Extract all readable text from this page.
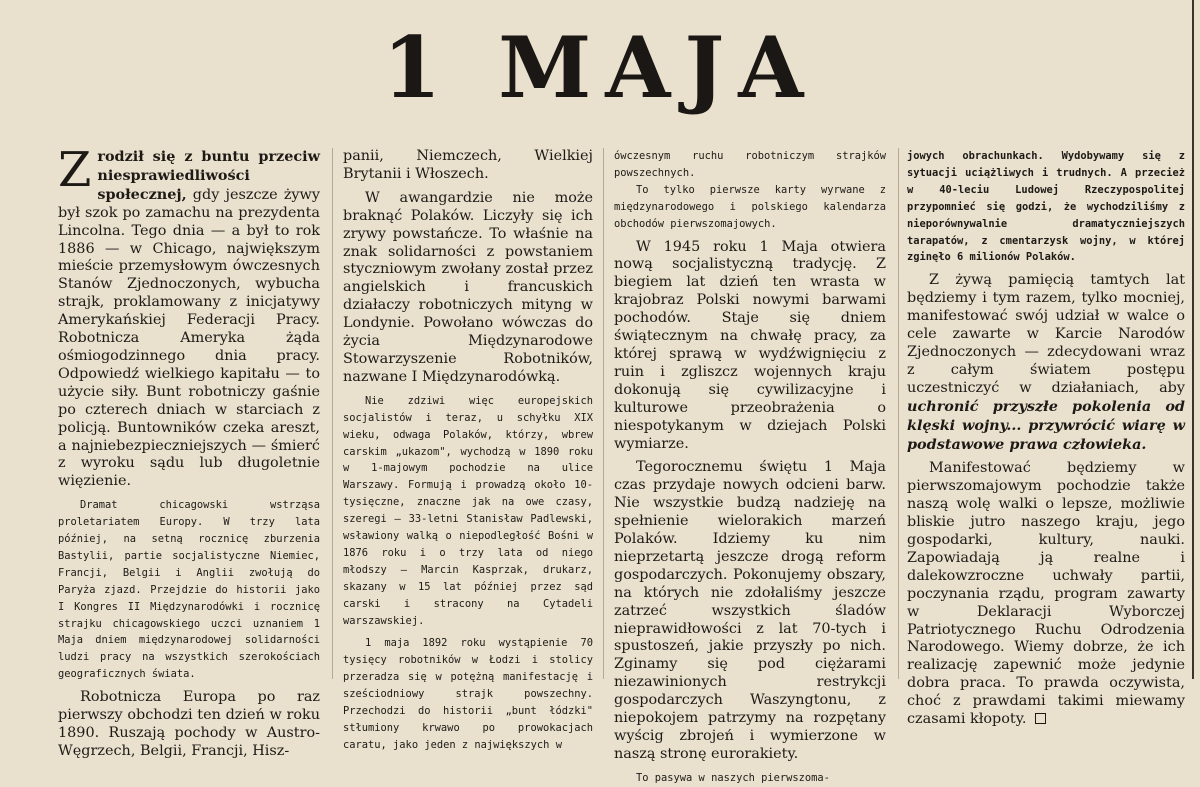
1 MAJA
Z rodził się z buntu przeciw niesprawiedliwości społecznej, gdy jeszcze żywy był szok po zamachu na prezydenta Lincolna. Tego dnia — a był to rok 1886 — w Chicago, największym mieście przemysłowym ówczesnych Stanów Zjednoczonych, wybucha strajk, proklamowany z inicjatywy Amerykańskiej Federacji Pracy. Robotnicza Ameryka żąda ośmiogodzinnego dnia pracy. Odpowiedź wielkiego kapitału — to użycie siły. Bunt robotniczy gaśnie po czterech dniach w starciach z policją. Buntowników czeka areszt, a najniebezpieczniejszych — śmierć z wyroku sądu lub długoletnie więzienie.
Dramat chicagowski wstrząsa proletariatem Europy. W trzy lata później, na setną rocznicę zburzenia Bastylii, partie socjalistyczne Niemiec, Francji, Belgii i Anglii zwołują do Paryża zjazd. Przejdzie do historii jako I Kongres II Międzynarodówki i rocznicę strajku chicagowskiego uczci uznaniem 1 Maja dniem międzynarodowej solidarności ludzi pracy na wszystkich szerokościach geograficznych świata.
Robotnicza Europa po raz pierwszy obchodzi ten dzień w roku 1890. Ruszają pochody w Austro-Węgrzech, Belgii, Francji, Hisz-
panii, Niemczech, Wielkiej Brytanii i Włoszech.
W awangardzie nie może braknąć Polaków. Liczyły się ich zrywy powstańcze. To właśnie na znak solidarności z powstaniem styczniowym zwołany został przez angielskich i francuskich działaczy robotniczych mityng w Londynie. Powołano wówczas do życia Międzynarodowe Stowarzyszenie Robotników, nazwane I Międzynarodówką.
Nie zdziwi więc europejskich socjalistów i teraz, u schyłku XIX wieku, odwaga Polaków, którzy, wbrew carskim „ukazom", wychodzą w 1890 roku w 1-majowym pochodzie na ulice Warszawy. Formują i prowadzą około 10-tysięczne, znaczne jak na owe czasy, szeregi — 33-letni Stanisław Padlewski, wsławiony walką o niepodległość Bośni w 1876 roku i o trzy lata od niego młodszy — Marcin Kasprzak, drukarz, skazany w 15 lat później przez sąd carski i stracony na Cytadeli warszawskiej.
1 maja 1892 roku wystąpienie 70 tysięcy robotników w Łodzi i stolicy przeradza się w potężną manifestację i sześciodniowy strajk powszechny. Przechodzi do historii „bunt łódzki" stłumiony krwawo po prowokacjach caratu, jako jeden z największych w
ówczesnym ruchu robotniczym strajków powszechnych.
To tylko pierwsze karty wyrwane z międzynarodowego i polskiego kalendarza obchodów pierwszomajowych.
W 1945 roku 1 Maja otwiera nową socjalistyczną tradycję. Z biegiem lat dzień ten wrasta w krajobraz Polski nowymi barwami pochodów. Staje się dniem świątecznym na chwałę pracy, za której sprawą w wydźwignięciu z ruin i zgliszcz wojennych kraju dokonują się cywilizacyjne i kulturowe przeobrażenia o niespotykanym w dziejach Polski wymiarze.
Tegorocznemu świętu 1 Maja czas przydaje nowych odcieni barw. Nie wszystkie budzą nadzieję na spełnienie wielorakich marzeń Polaków. Idziemy ku nim nieprzetartą jeszcze drogą reform gospodarczych. Pokonujemy obszary, na których nie zdołaliśmy jeszcze zatrzeć wszystkich śladów nieprawidłowości z lat 70-tych i spustoszeń, jakie przyszły po nich. Zginamy się pod ciężarami niezawinionych restrykcji gospodarczych Waszyngtonu, z niepokojem patrzymy na rozpętany wyścig zbrojeń i wymierzone w naszą stronę eurorakiety.
To pasywa w naszych pierwszoma-
jowych obrachunkach. Wydobywamy się z sytuacji uciążliwych i trudnych. A przecież w 40-leciu Ludowej Rzeczypospolitej przypomnieć się godzi, że wychodziliśmy z nieporównywalnie dramatyczniejszych tarapatów, z cmentarzysk wojny, w której zginęło 6 milionów Polaków.
Z żywą pamięcią tamtych lat będziemy i tym razem, tylko mocniej, manifestować swój udział w walce o cele zawarte w Karcie Narodów Zjednoczonych — zdecydowani wraz z całym światem postępu uczestniczyć w działaniach, aby uchronić przyszłe pokolenia od klęski wojny... przywrócić wiarę w podstawowe prawa człowieka.
Manifestować będziemy w pierwszomajowym pochodzie także naszą wolę walki o lepsze, możliwie bliskie jutro naszego kraju, jego gospodarki, kultury, nauki. Zapowiadają ją realne i dalekowzroczne uchwały partii, poczynania rządu, program zawarty w Deklaracji Wyborczej Patriotycznego Ruchu Odrodzenia Narodowego. Wiemy dobrze, że ich realizację zapewnić może jedynie dobra praca. To prawda oczywista, choć z prawdami takimi miewamy czasami kłopoty.
